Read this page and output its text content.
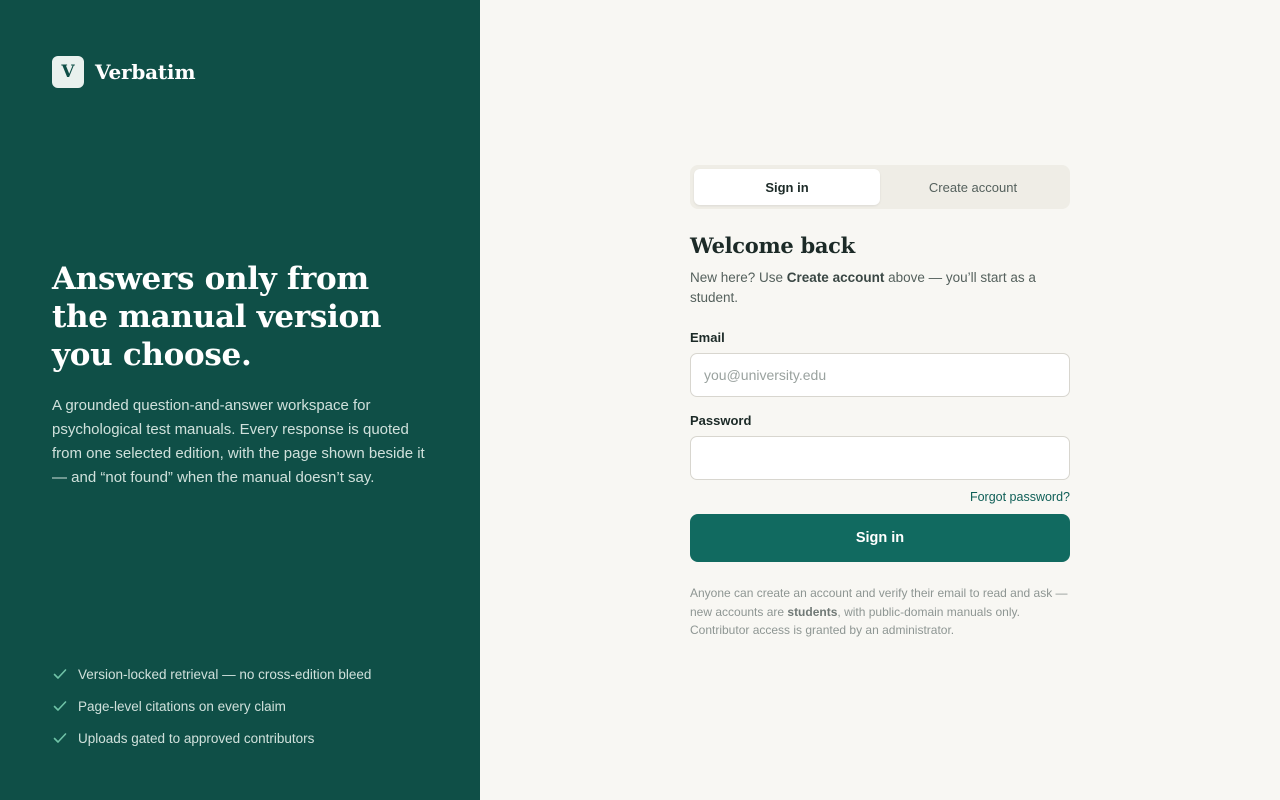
V	Verbatim
Answers only from the manual version you choose.

A grounded question-and-answer workspace for psychological test manuals. Every response is quoted from one selected edition, with the page shown beside it — and “not found” when the manual doesn’t say.

Version-locked retrieval — no cross-edition bleed
Page-level citations on every claim
Uploads gated to approved contributors
Sign in	Create account
Welcome back

New here? Use Create account above — you’ll start as a student.

Email
you@university.edu
Password
Forgot password?
Sign in

Anyone can create an account and verify their email to read and ask — new accounts are students, with public-domain manuals only. Contributor access is granted by an administrator.
